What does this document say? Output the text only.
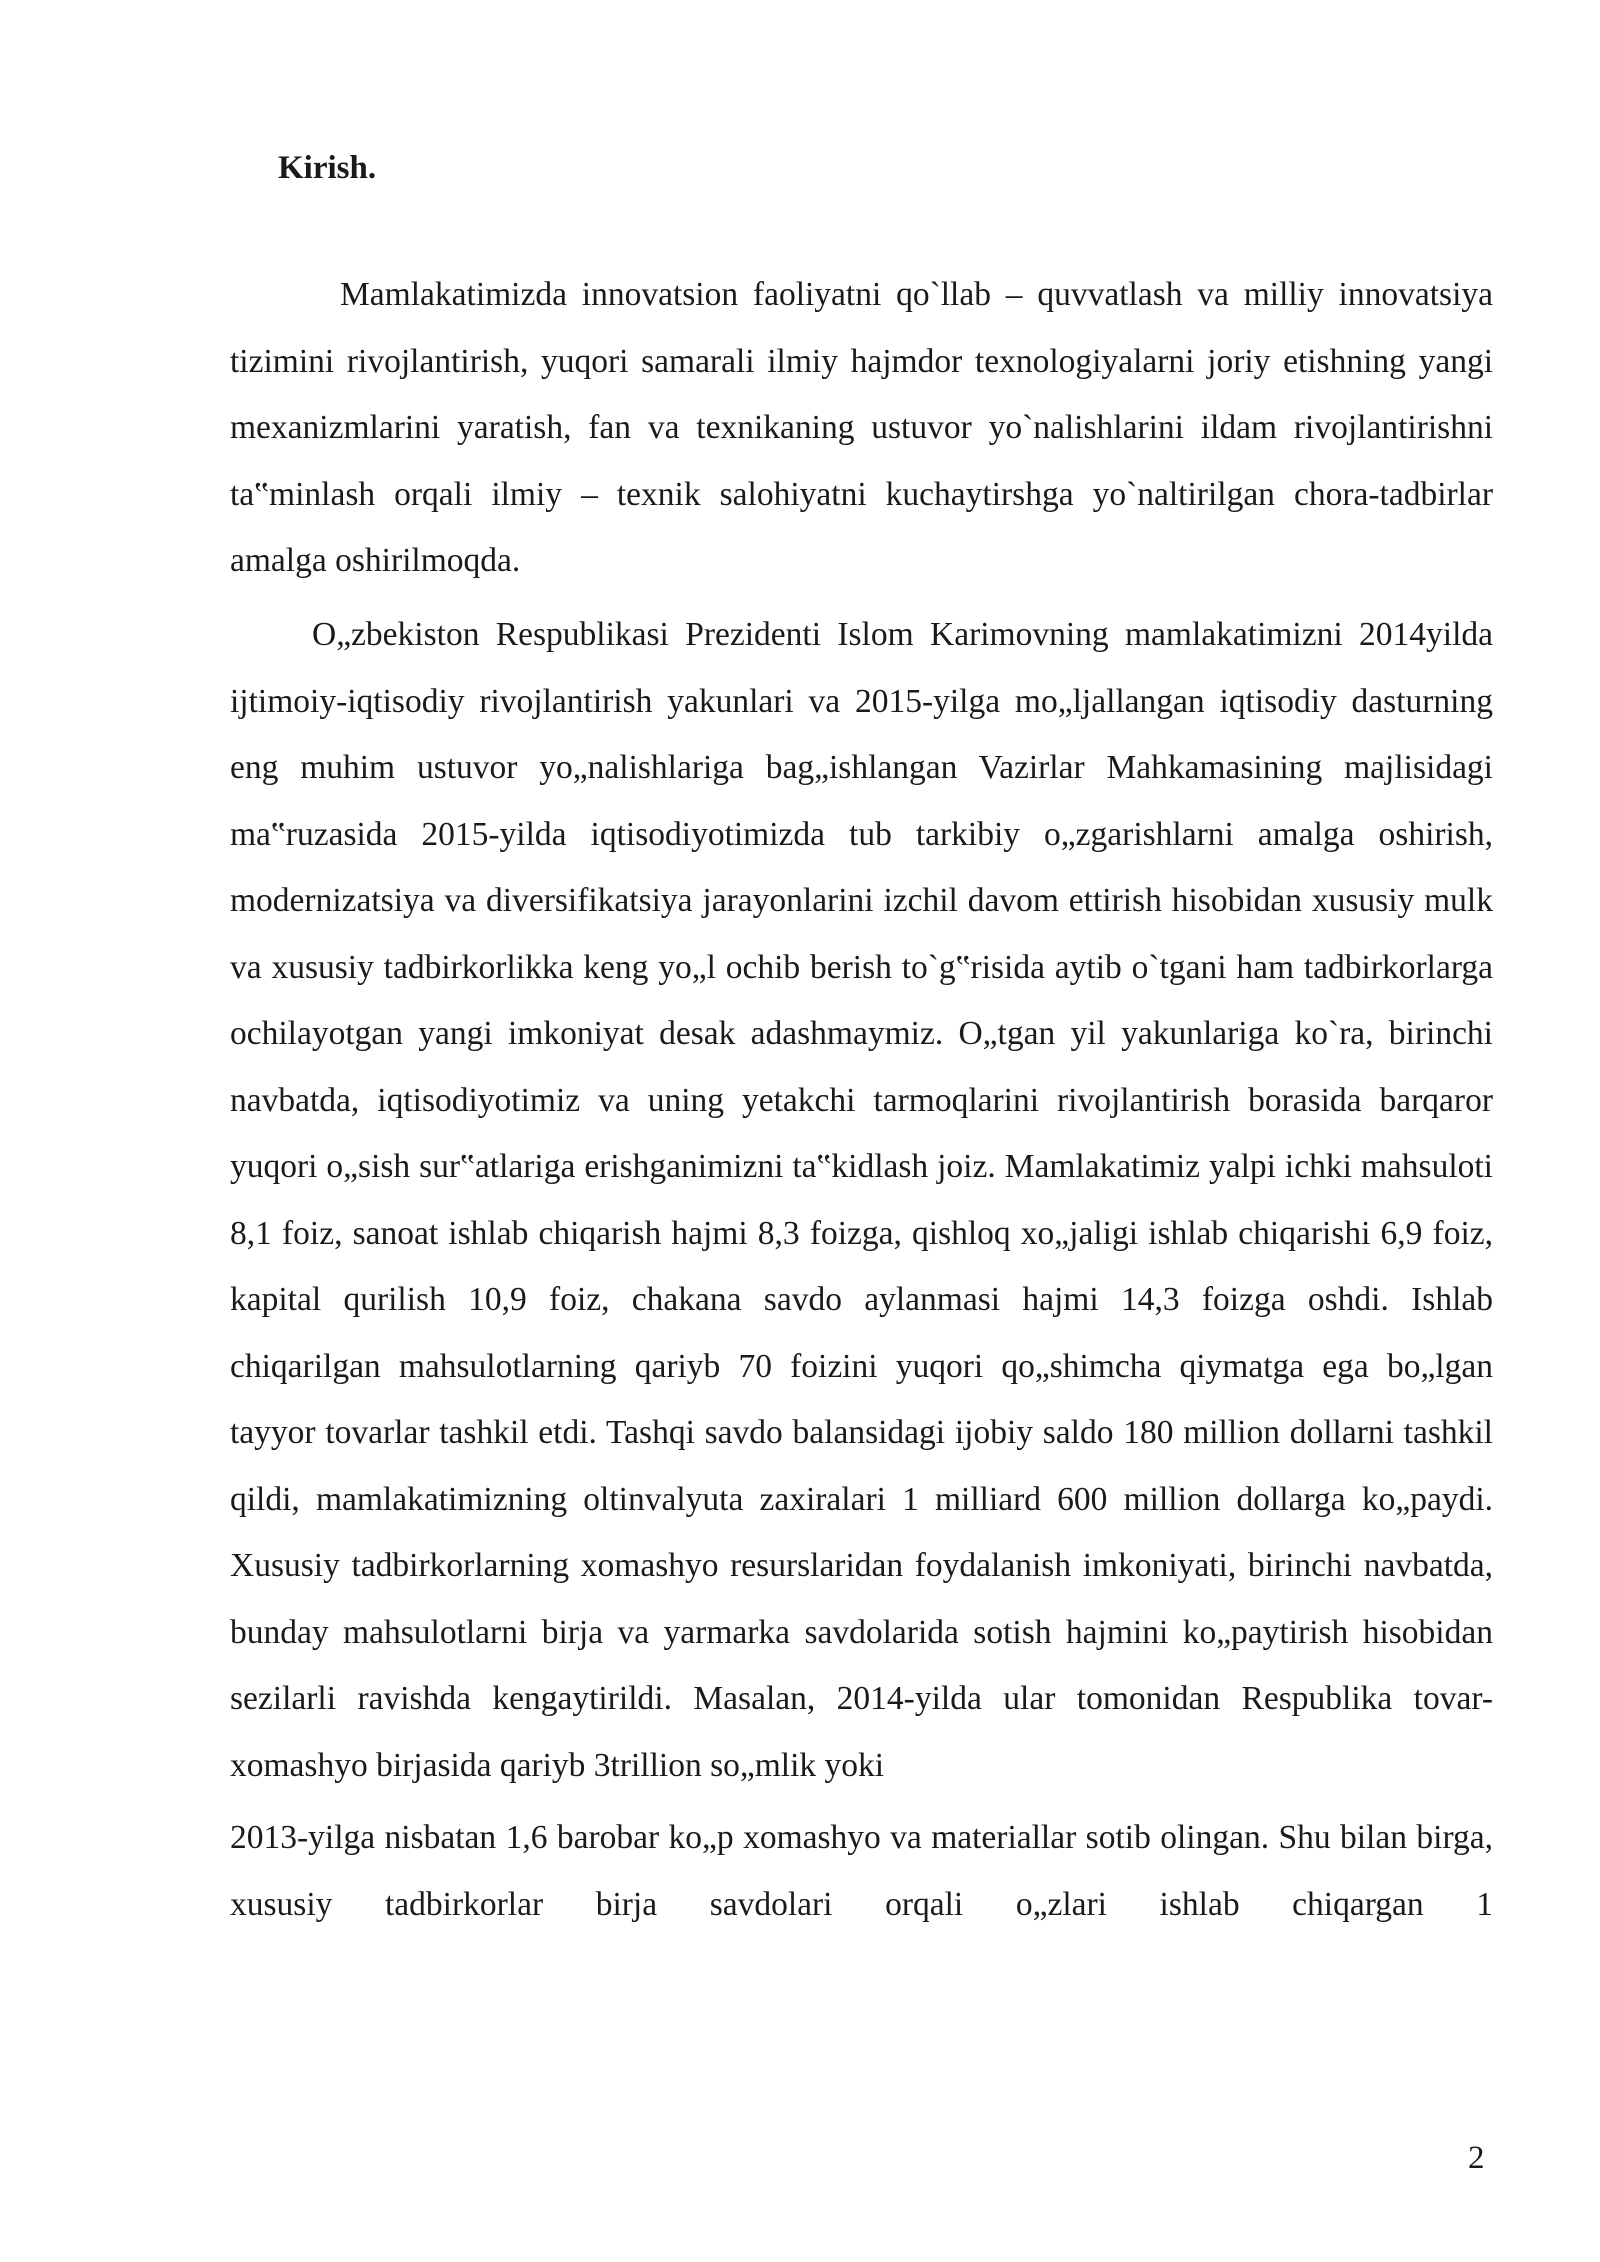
Kirish.

Mamlakatimizda innovatsion faoliyatni qo`llab – quvvatlash va milliy innovatsiya tizimini rivojlantirish, yuqori samarali ilmiy hajmdor texnologiyalarni joriy etishning yangi mexanizmlarini yaratish, fan va texnikaning ustuvor yo`nalishlarini ildam rivojlantirishni ta‟minlash orqali ilmiy – texnik salohiyatni kuchaytirshga yo`naltirilgan chora-tadbirlar amalga oshirilmoqda.

O„zbekiston Respublikasi Prezidenti Islom Karimovning mamlakatimizni 2014yilda ijtimoiy-iqtisodiy rivojlantirish yakunlari va 2015-yilga mo„ljallangan iqtisodiy dasturning eng muhim ustuvor yo„nalishlariga bag„ishlangan Vazirlar Mahkamasining majlisidagi ma‟ruzasida 2015-yilda iqtisodiyotimizda tub tarkibiy o„zgarishlarni amalga oshirish, modernizatsiya va diversifikatsiya jarayonlarini izchil davom ettirish hisobidan xususiy mulk va xususiy tadbirkorlikka keng yo„l ochib berish to`g‟risida aytib o`tgani ham tadbirkorlarga ochilayotgan yangi imkoniyat desak adashmaymiz. O„tgan yil yakunlariga ko`ra, birinchi navbatda, iqtisodiyotimiz va uning yetakchi tarmoqlarini rivojlantirish borasida barqaror yuqori o„sish sur‟atlariga erishganimizni ta‟kidlash joiz. Mamlakatimiz yalpi ichki mahsuloti 8,1 foiz, sanoat ishlab chiqarish hajmi 8,3 foizga, qishloq xo„jaligi ishlab chiqarishi 6,9 foiz, kapital qurilish 10,9 foiz, chakana savdo aylanmasi hajmi 14,3 foizga oshdi. Ishlab chiqarilgan mahsulotlarning qariyb 70 foizini yuqori qo„shimcha qiymatga ega bo„lgan tayyor tovarlar tashkil etdi. Tashqi savdo balansidagi ijobiy saldo 180 million dollarni tashkil qildi, mamlakatimizning oltinvalyuta zaxiralari 1 milliard 600 million dollarga ko„paydi. Xususiy tadbirkorlarning xomashyo resurslaridan foydalanish imkoniyati, birinchi navbatda, bunday mahsulotlarni birja va yarmarka savdolarida sotish hajmini ko„paytirish hisobidan sezilarli ravishda kengaytirildi. Masalan, 2014-yilda ular tomonidan Respublika tovar-xomashyo birjasida qariyb 3trillion so„mlik yoki
2013-yilga nisbatan 1,6 barobar ko„p xomashyo va materiallar sotib olingan. Shu bilan birga, xususiy tadbirkorlar birja savdolari orqali o„zlari ishlab chiqargan 1

2
